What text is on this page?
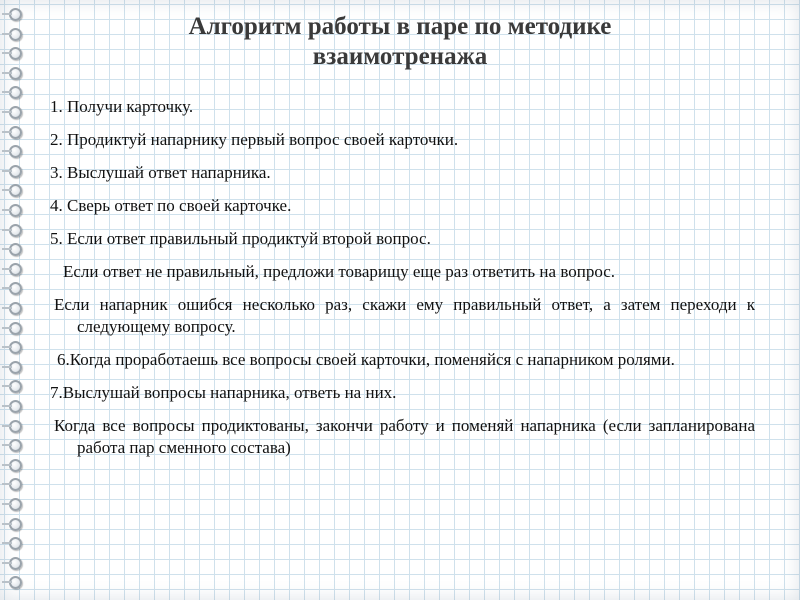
Алгоритм работы в паре по методике
взаимотренажа

1. Получи карточку.

2. Продиктуй напарнику первый вопрос своей карточки.

3. Выслушай ответ напарника.

4. Сверь ответ по своей карточке.

5. Если ответ правильный продиктуй второй вопрос.

Если ответ не правильный, предложи товарищу еще раз ответить на вопрос.

Если напарник ошибся несколько раз, скажи ему правильный ответ, а затем переходи к следующему вопросу.

6.Когда проработаешь все вопросы своей карточки, поменяйся с напарником ролями.

7.Выслушай вопросы напарника, ответь на них.

Когда все вопросы продиктованы, закончи работу и поменяй напарника (если запланирована работа пар сменного состава)
